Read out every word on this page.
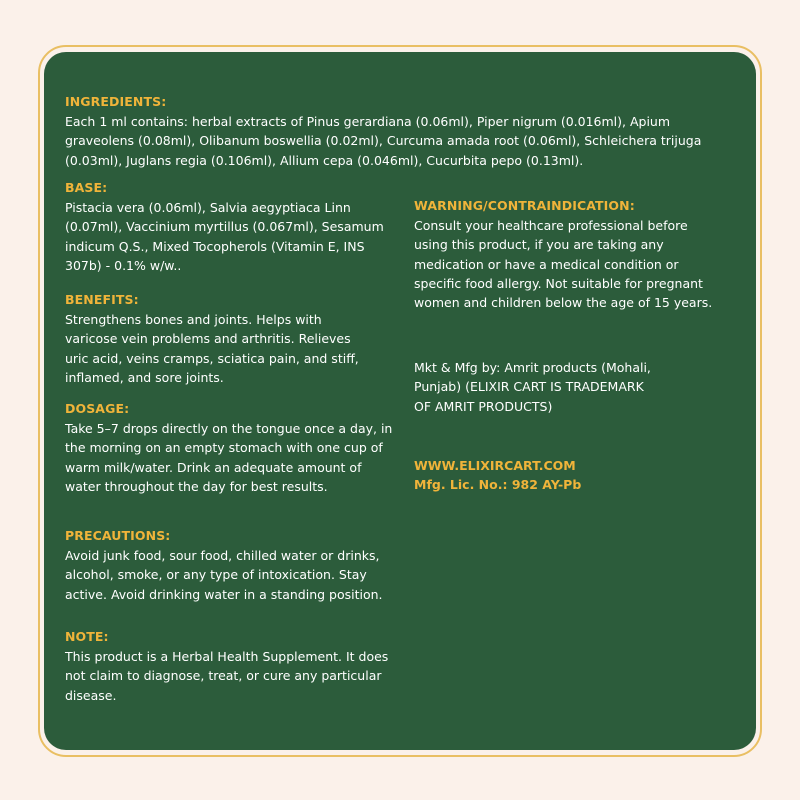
INGREDIENTS:
Each 1 ml contains: herbal extracts of Pinus gerardiana (0.06ml), Piper nigrum (0.016ml), Apium graveolens (0.08ml), Olibanum boswellia (0.02ml), Curcuma amada root (0.06ml), Schleichera trijuga (0.03ml), Juglans regia (0.106ml), Allium cepa (0.046ml), Cucurbita pepo (0.13ml).
BASE:
Pistacia vera (0.06ml), Salvia aegyptiaca Linn (0.07ml), Vaccinium myrtillus (0.067ml), Sesamum indicum Q.S., Mixed Tocopherols (Vitamin E, INS 307b) - 0.1% w/w..
BENEFITS:
Strengthens bones and joints. Helps with varicose vein problems and arthritis. Relieves uric acid, veins cramps, sciatica pain, and stiff, inflamed, and sore joints.
DOSAGE:
Take 5–7 drops directly on the tongue once a day, in the morning on an empty stomach with one cup of warm milk/water. Drink an adequate amount of water throughout the day for best results.
PRECAUTIONS:
Avoid junk food, sour food, chilled water or drinks, alcohol, smoke, or any type of intoxication. Stay active. Avoid drinking water in a standing position.
NOTE:
This product is a Herbal Health Supplement. It does not claim to diagnose, treat, or cure any particular disease.
WARNING/CONTRAINDICATION:
Consult your healthcare professional before using this product, if you are taking any medication or have a medical condition or specific food allergy. Not suitable for pregnant women and children below the age of 15 years.
Mkt & Mfg by: Amrit products (Mohali, Punjab) (ELIXIR CART IS TRADEMARK OF AMRIT PRODUCTS)
WWW.ELIXIRCART.COM
Mfg. Lic. No.: 982 AY-Pb
